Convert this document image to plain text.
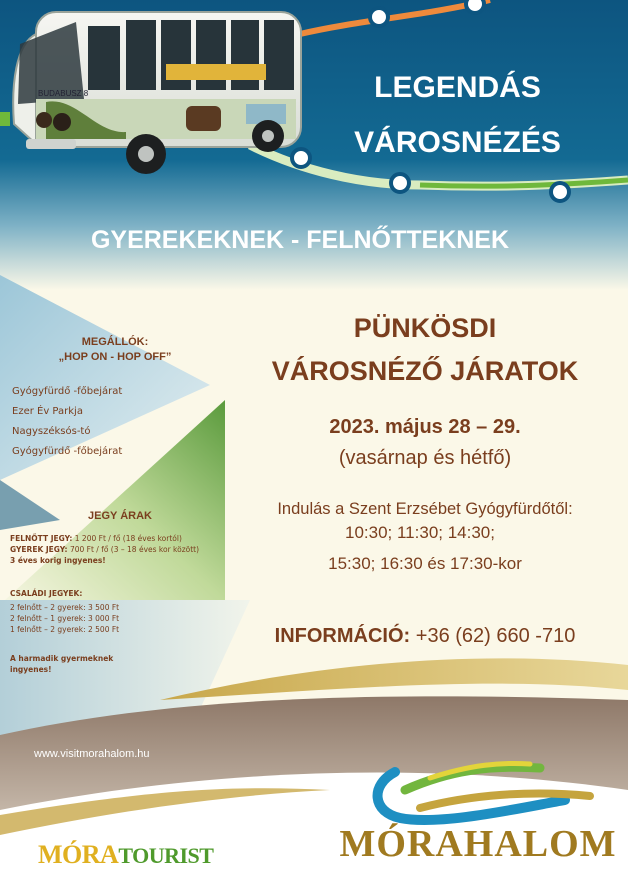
BUDABUSZ 8	LEGENDÁS
VÁROSNÉZÉS
GYEREKEKNEK - FELNŐTTEKNEK
PÜNKÖSDI
VÁROSNÉZŐ JÁRATOK
2023. május 28 – 29.
(vasárnap és hétfő)
Indulás a Szent Erzsébet Gyógyfürdőtől:
10:30; 11:30; 14:30;
15:30; 16:30 és 17:30-kor
INFORMÁCIÓ: +36 (62) 660 -710
MEGÁLLÓK:
„HOP ON - HOP OFF”
Gyógyfürdő -főbejárat
Ezer Év Parkja
Nagyszéksós-tó
Gyógyfürdő -főbejárat
JEGY ÁRAK
FELNŐTT JEGY: 1 200 Ft / fő (18 éves kortól)
GYEREK JEGY: 700 Ft / fő (3 – 18 éves kor között)
3 éves korig ingyenes!
CSALÁDI JEGYEK:
2 felnőtt – 2 gyerek: 3 500 Ft
2 felnőtt – 1 gyerek: 3 000 Ft
1 felnőtt – 2 gyerek: 2 500 Ft
A harmadik gyermeknek
ingyenes!
www.visitmorahalom.hu
MÓRATOURIST	MÓRAHALOM
